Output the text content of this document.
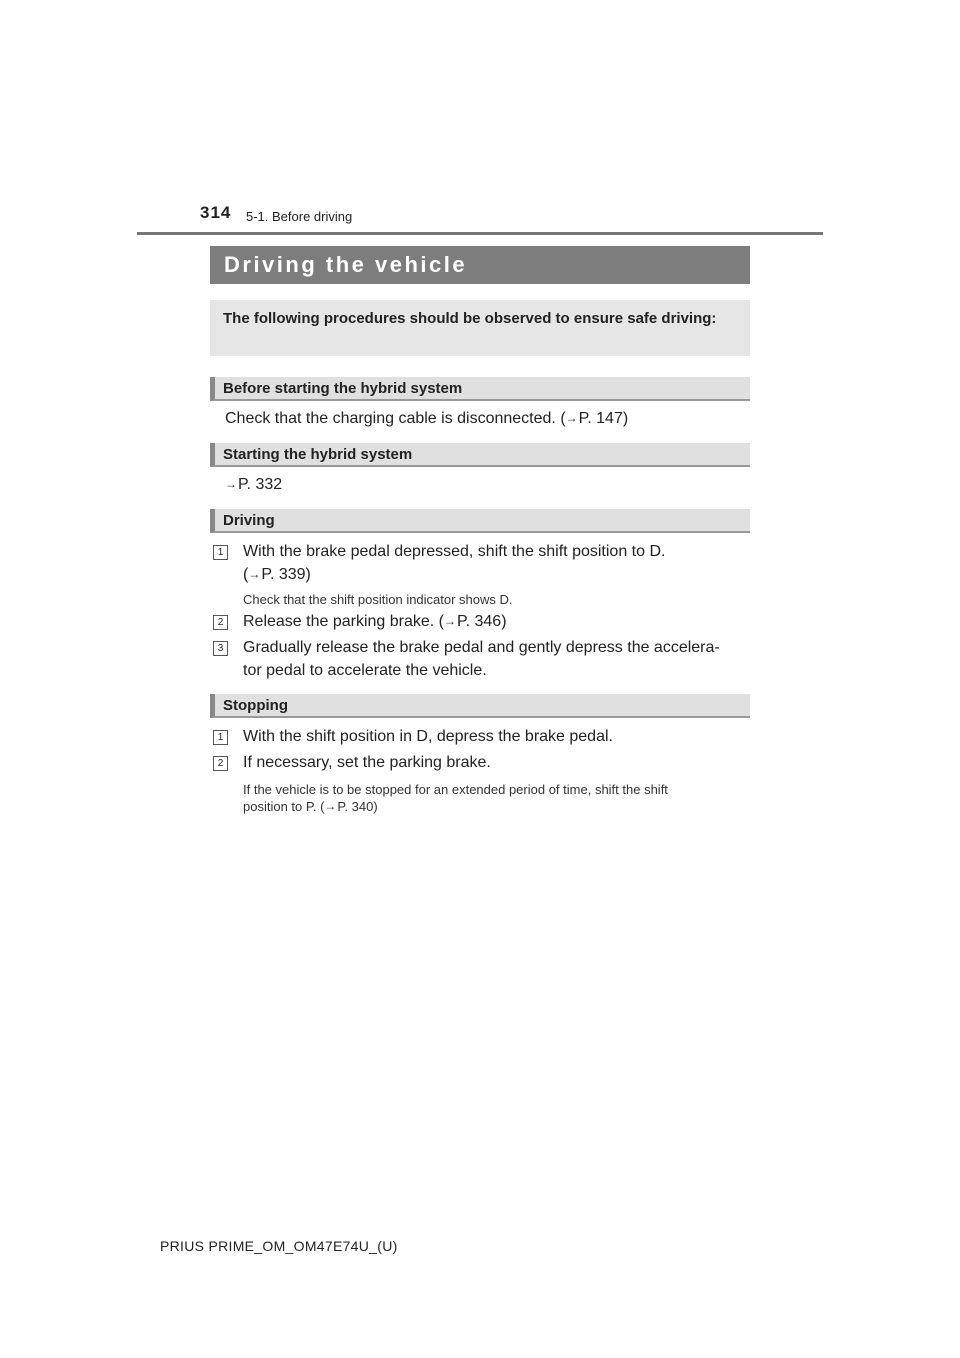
314 5-1. Before driving
Driving the vehicle
The following procedures should be observed to ensure safe driving:
Before starting the hybrid system
Check that the charging cable is disconnected. (→P. 147)
Starting the hybrid system
→P. 332
Driving
1 With the brake pedal depressed, shift the shift position to D.
(→P. 339)
Check that the shift position indicator shows D.
2 Release the parking brake. (→P. 346)
3 Gradually release the brake pedal and gently depress the accelera-
tor pedal to accelerate the vehicle.
Stopping
1 With the shift position in D, depress the brake pedal.
2 If necessary, set the parking brake.
If the vehicle is to be stopped for an extended period of time, shift the shift
position to P. (→P. 340)
PRIUS PRIME_OM_OM47E74U_(U)
